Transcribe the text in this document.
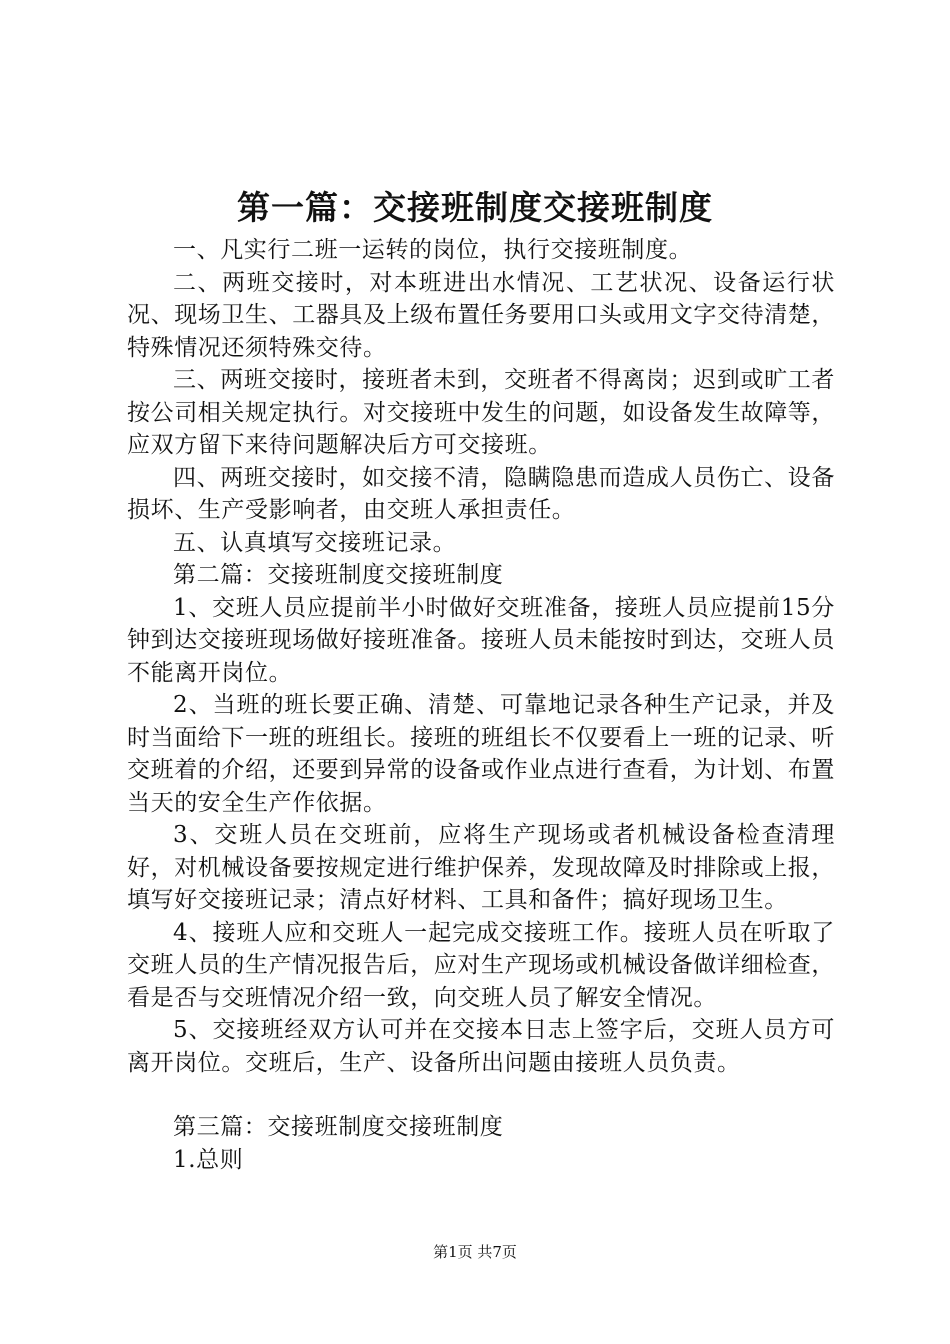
第一篇：交接班制度交接班制度

一、凡实行二班一运转的岗位，执行交接班制度。

二、两班交接时，对本班进出水情况、工艺状况、设备运行状况、现场卫生、工器具及上级布置任务要用口头或用文字交待清楚，特殊情况还须特殊交待。

三、两班交接时，接班者未到，交班者不得离岗；迟到或旷工者按公司相关规定执行。对交接班中发生的问题，如设备发生故障等，应双方留下来待问题解决后方可交接班。

四、两班交接时，如交接不清，隐瞒隐患而造成人员伤亡、设备损坏、生产受影响者，由交班人承担责任。

五、认真填写交接班记录。

第二篇：交接班制度交接班制度

1、交班人员应提前半小时做好交班准备，接班人员应提前15分钟到达交接班现场做好接班准备。接班人员未能按时到达，交班人员不能离开岗位。

2、当班的班长要正确、清楚、可靠地记录各种生产记录，并及时当面给下一班的班组长。接班的班组长不仅要看上一班的记录、听交班着的介绍，还要到异常的设备或作业点进行查看，为计划、布置当天的安全生产作依据。

3、交班人员在交班前，应将生产现场或者机械设备检查清理好，对机械设备要按规定进行维护保养，发现故障及时排除或上报，填写好交接班记录；清点好材料、工具和备件；搞好现场卫生。

4、接班人应和交班人一起完成交接班工作。接班人员在听取了交班人员的生产情况报告后，应对生产现场或机械设备做详细检查，看是否与交班情况介绍一致，向交班人员了解安全情况。

5、交接班经双方认可并在交接本日志上签字后，交班人员方可离开岗位。交班后，生产、设备所出问题由接班人员负责。

第三篇：交接班制度交接班制度

1.总则

第1页 共7页
